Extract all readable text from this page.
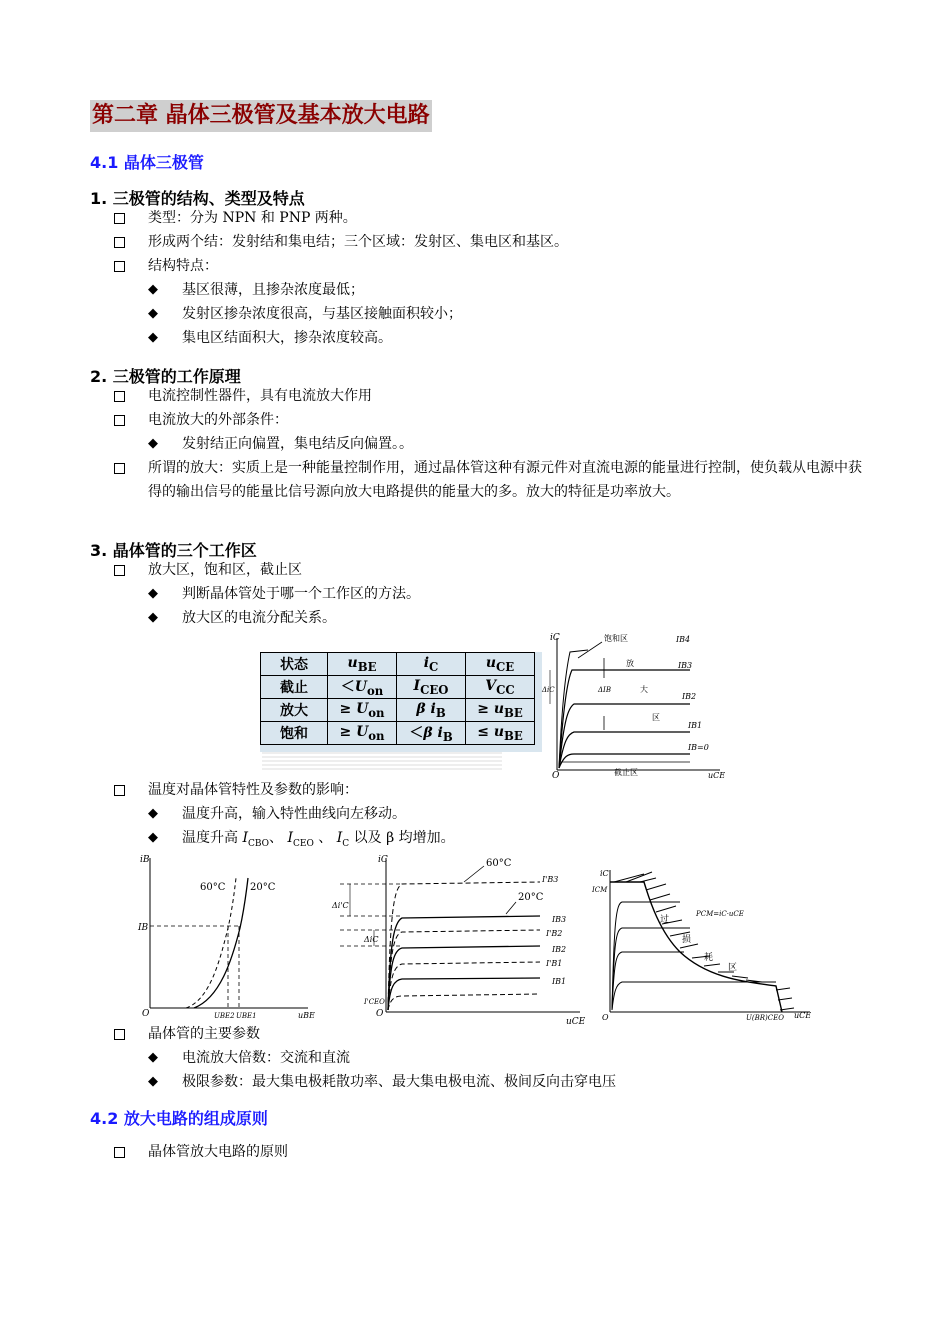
第二章 晶体三极管及基本放大电路
4.1 晶体三极管
1. 三极管的结构、类型及特点
类型：分为 NPN 和 PNP 两种。
形成两个结：发射结和集电结；三个区域：发射区、集电区和基区。
结构特点：
◆ 基区很薄，且掺杂浓度最低；
◆ 发射区掺杂浓度很高，与基区接触面积较小；
◆ 集电区结面积大，掺杂浓度较高。
2. 三极管的工作原理
电流控制性器件，具有电流放大作用
电流放大的外部条件：
◆ 发射结正向偏置，集电结反向偏置。。
所谓的放大：实质上是一种能量控制作用，通过晶体管这种有源元件对直流电源的能量进行控制，使负载从电源中获得的输出信号的能量比信号源向放大电路提供的能量大的多。放大的特征是功率放大。
3. 晶体管的三个工作区
放大区，饱和区，截止区
◆ 判断晶体管处于哪一个工作区的方法。
◆ 放大区的电流分配关系。
状态	$u_{BE}$	$i_C$	$u_{CE}$
截止	$<U_{on}$	$I_{CEO}$	$V_{CC}$
放大	≥ $U_{on}$	β $i_B$	≥ $u_{BE}$
饱和	≥ $U_{on}$	＜β $i_B$	≤ $u_{BE}$
iC
O	uCE
IB4
IB3
IB2
IB1
IB=0
饱和区
放
大
区
ΔiC	ΔIB
截止区
温度对晶体管特性及参数的影响：
◆ 温度升高，输入特性曲线向左移动。
◆ 温度升高 $I_{CBO}$、 $I_{CEO}$ 、 $I_C$ 以及 β 均增加。
iB
O	uBE
60°C 20°C
IB
UBE2 UBE1
iC
O
uCE
Δi'C
ΔiC
I'CEO
60°C
20°C
I'B3
IB3
I'B2
IB2
I'B1
IB1
iC
ICM
O	uCE
PCM=iC·uCE
过
损
耗
区
U(BR)CEO
晶体管的主要参数
◆ 电流放大倍数：交流和直流
◆ 极限参数：最大集电极耗散功率、最大集电极电流、极间反向击穿电压
4.2 放大电路的组成原则
晶体管放大电路的原则
